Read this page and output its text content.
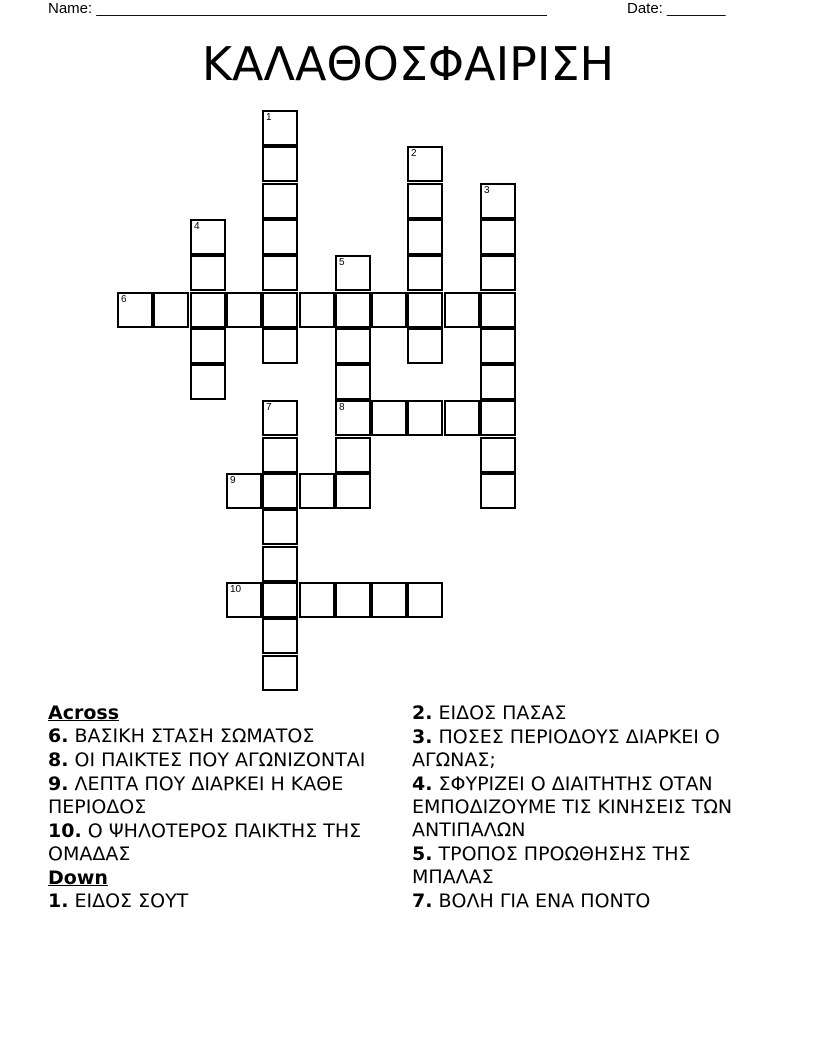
Name: ______________________________________________________	Date: _______
ΚΑΛΑΘΟΣΦΑΙΡΙΣΗ
1
2
3
4
5
8
6
7
9
10
Across
6. ΒΑΣΙΚΗ ΣΤΑΣΗ ΣΩΜΑΤΟΣ
8. ΟΙ ΠΑΙΚΤΕΣ ΠΟΥ ΑΓΩΝΙΖΟΝΤΑΙ
9. ΛΕΠΤΑ ΠΟΥ ΔΙΑΡΚΕΙ Η ΚΑΘΕ ΠΕΡΙΟΔΟΣ
10. Ο ΨΗΛΟΤΕΡΟΣ ΠΑΙΚΤΗΣ ΤΗΣ ΟΜΑΔΑΣ
Down
1. ΕΙΔΟΣ ΣΟΥΤ
2. ΕΙΔΟΣ ΠΑΣΑΣ
3. ΠΟΣΕΣ ΠΕΡΙΟΔΟΥΣ ΔΙΑΡΚΕΙ Ο ΑΓΩΝΑΣ;
4. ΣΦΥΡΙΖΕΙ Ο ΔΙΑΙΤΗΤΗΣ ΟΤΑΝ ΕΜΠΟΔΙΖΟΥΜΕ ΤΙΣ ΚΙΝΗΣΕΙΣ ΤΩΝ ΑΝΤΙΠΑΛΩΝ
5. ΤΡΟΠΟΣ ΠΡΟΩΘΗΣΗΣ ΤΗΣ ΜΠΑΛΑΣ
7. ΒΟΛΗ ΓΙΑ ΕΝΑ ΠΟΝΤΟ
